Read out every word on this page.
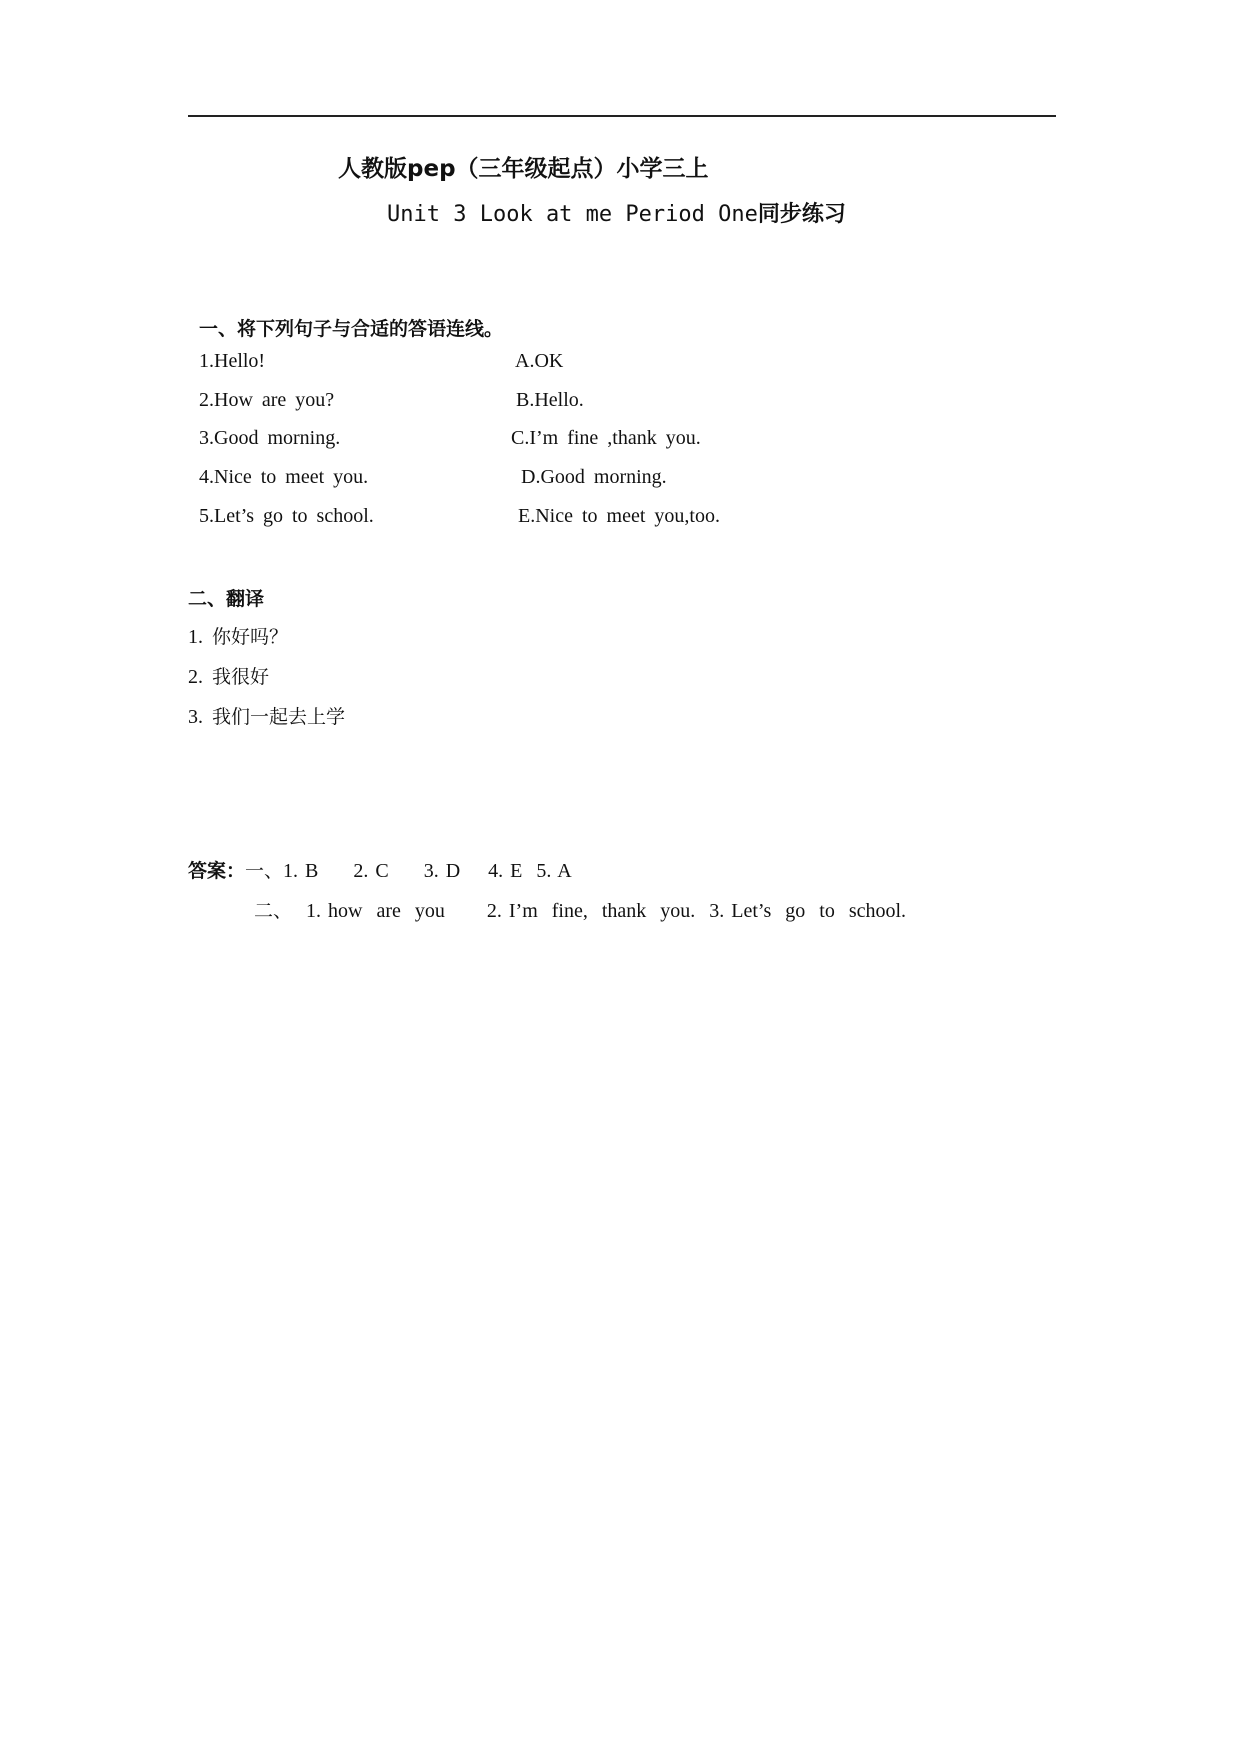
人教版pep（三年级起点）小学三上
Unit 3 Look at me Period One同步练习
一、将下列句子与合适的答语连线。
1.Hello!
2.How are you?
3.Good morning.
4.Nice to meet you.
5.Let’s go to school.
A.OK
B.Hello.
C.I’m fine ,thank you.
D.Good morning.
E.Nice to meet you,too.
二、翻译
1. 你好吗？
2. 我很好
3. 我们一起去上学
答案：一、1. B     2. C     3. D    4. E  5. A
二、  1. how  are  you      2. I’m  fine,  thank  you.  3. Let’s  go  to  school.
